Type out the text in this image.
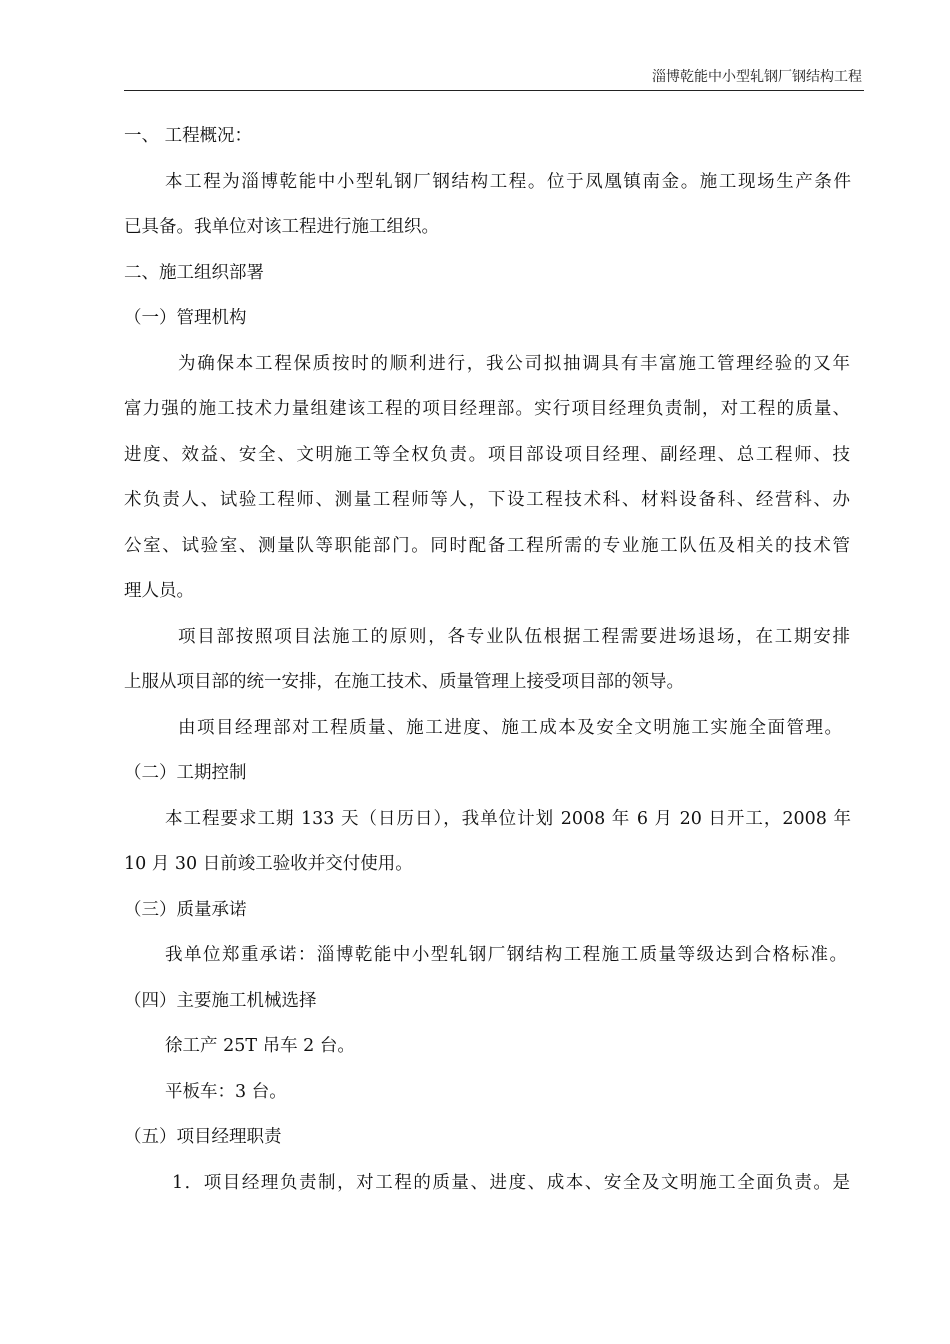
淄博乾能中小型轧钢厂钢结构工程
一、 工程概况：
本工程为淄博乾能中小型轧钢厂钢结构工程。位于凤凰镇南金。施工现场生产条件
已具备。我单位对该工程进行施工组织。
二、施工组织部署
（一）管理机构
为确保本工程保质按时的顺利进行，我公司拟抽调具有丰富施工管理经验的又年
富力强的施工技术力量组建该工程的项目经理部。实行项目经理负责制，对工程的质量、
进度、效益、安全、文明施工等全权负责。项目部设项目经理、副经理、总工程师、技
术负责人、试验工程师、测量工程师等人，下设工程技术科、材料设备科、经营科、办
公室、试验室、测量队等职能部门。同时配备工程所需的专业施工队伍及相关的技术管
理人员。
项目部按照项目法施工的原则，各专业队伍根据工程需要进场退场，在工期安排
上服从项目部的统一安排，在施工技术、质量管理上接受项目部的领导。
由项目经理部对工程质量、施工进度、施工成本及安全文明施工实施全面管理。
（二）工期控制
本工程要求工期 133 天（日历日），我单位计划 2008 年 6 月 20 日开工，2008 年
10 月 30 日前竣工验收并交付使用。
（三）质量承诺
我单位郑重承诺：淄博乾能中小型轧钢厂钢结构工程施工质量等级达到合格标准。
（四）主要施工机械选择
徐工产 25T 吊车 2 台。
平板车：3 台。
（五）项目经理职责
1．项目经理负责制，对工程的质量、进度、成本、安全及文明施工全面负责。是
